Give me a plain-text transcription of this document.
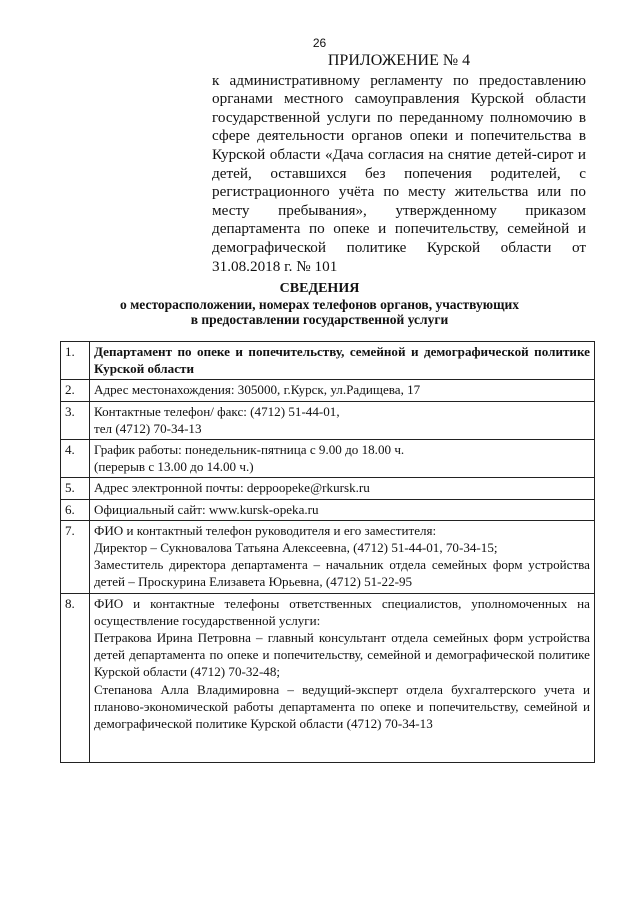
26
ПРИЛОЖЕНИЕ № 4
к административному регламенту по предоставлению органами местного самоуправления Курской области государственной услуги по переданному полномочию в сфере деятельности органов опеки и попечительства в Курской области «Дача согласия на снятие детей-сирот и детей, оставшихся без попечения родителей, с регистрационного учёта по месту жительства или по месту пребывания», утвержденному приказом департамента по опеке и попечительству, семейной и демографической политике Курской области от 31.08.2018 г. № 101
СВЕДЕНИЯ
о месторасположении, номерах телефонов органов, участвующих
в предоставлении государственной услуги
1.	Департамент по опеке и попечительству, семейной и демографической политике Курской области

2.	Адрес местонахождения: 305000, г.Курск, ул.Радищева, 17

3.	Контактные телефон/ факс: (4712) 51-44-01,
тел (4712) 70-34-13

4.	График работы: понедельник-пятница с 9.00 до 18.00 ч.
(перерыв с 13.00 до 14.00 ч.)

5.	Адрес электронной почты: deppoopeke@rkursk.ru

6.	Официальный сайт: www.kursk-opeka.ru

7.	ФИО и контактный телефон руководителя и его заместителя:
Директор – Сукновалова Татьяна Алексеевна, (4712) 51-44-01, 70-34-15;
Заместитель директора департамента – начальник отдела семейных форм устройства детей – Проскурина Елизавета Юрьевна, (4712) 51-22-95

8.	ФИО и контактные телефоны ответственных специалистов, уполномоченных на осуществление государственной услуги:
Петракова Ирина Петровна – главный консультант отдела семейных форм устройства детей департамента по опеке и попечительству, семейной и демографической политике Курской области (4712) 70-32-48;
Степанова Алла Владимировна – ведущий-эксперт отдела бухгалтерского учета и планово-экономической работы департамента по опеке и попечительству, семейной и демографической политике Курской области (4712) 70-34-13
